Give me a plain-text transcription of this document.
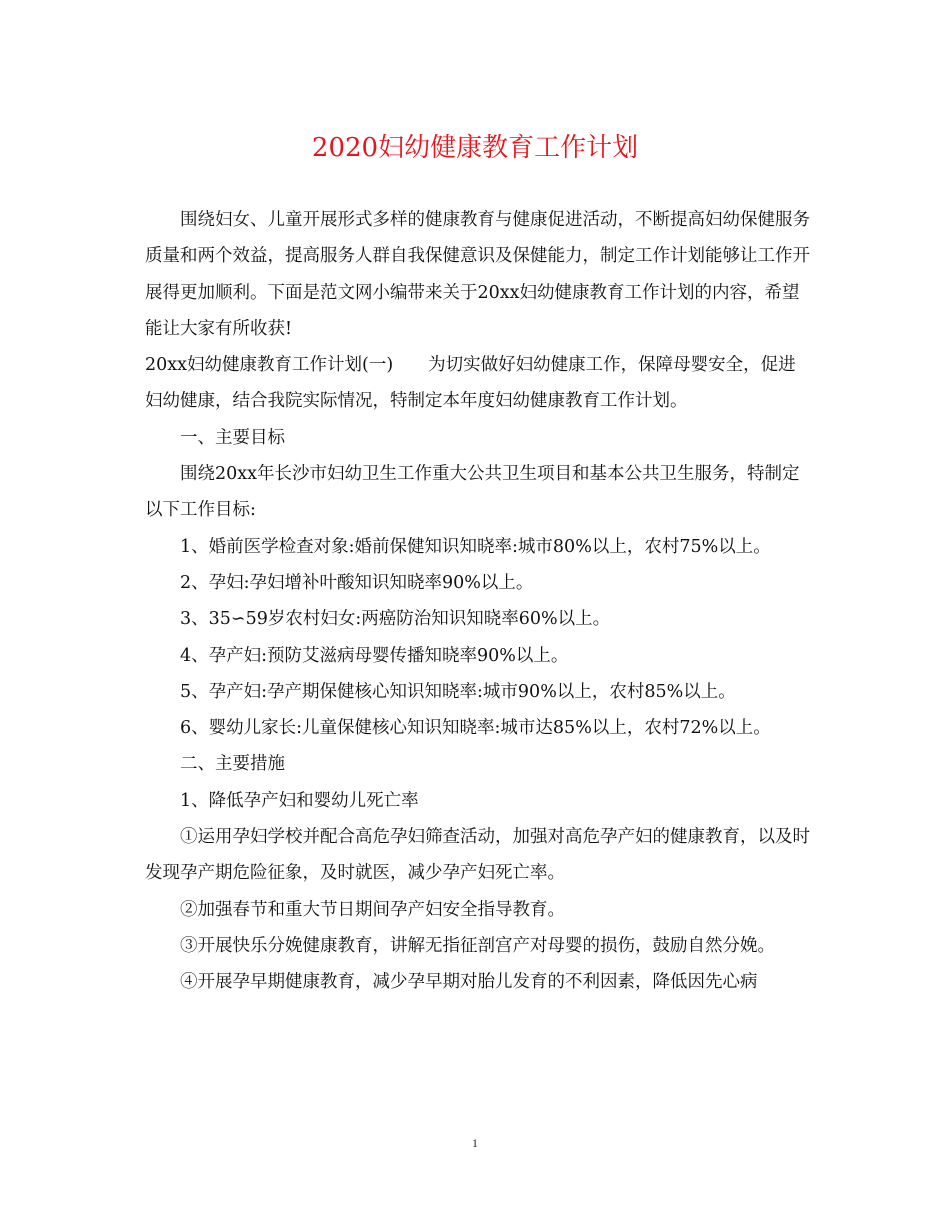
2020妇幼健康教育工作计划

围绕妇女、儿童开展形式多样的健康教育与健康促进活动，不断提高妇幼保健服务质量和两个效益，提高服务人群自我保健意识及保健能力，制定工作计划能够让工作开展得更加顺利。下面是范文网小编带来关于20xx妇幼健康教育工作计划的内容，希望能让大家有所收获!

20xx妇幼健康教育工作计划(一)　　为切实做好妇幼健康工作，保障母婴安全，促进妇幼健康，结合我院实际情况，特制定本年度妇幼健康教育工作计划。

一、主要目标

围绕20xx年长沙市妇幼卫生工作重大公共卫生项目和基本公共卫生服务，特制定以下工作目标:

1、婚前医学检查对象:婚前保健知识知晓率:城市80%以上，农村75%以上。

2、孕妇:孕妇增补叶酸知识知晓率90%以上。

3、35∽59岁农村妇女:两癌防治知识知晓率60%以上。

4、孕产妇:预防艾滋病母婴传播知晓率90%以上。

5、孕产妇:孕产期保健核心知识知晓率:城市90%以上，农村85%以上。

6、婴幼儿家长:儿童保健核心知识知晓率:城市达85%以上，农村72%以上。

二、主要措施

1、降低孕产妇和婴幼儿死亡率

①运用孕妇学校并配合高危孕妇筛查活动，加强对高危孕产妇的健康教育，以及时发现孕产期危险征象，及时就医，减少孕产妇死亡率。

②加强春节和重大节日期间孕产妇安全指导教育。

③开展快乐分娩健康教育，讲解无指征剖宫产对母婴的损伤，鼓励自然分娩。

④开展孕早期健康教育，减少孕早期对胎儿发育的不利因素，降低因先心病

1
